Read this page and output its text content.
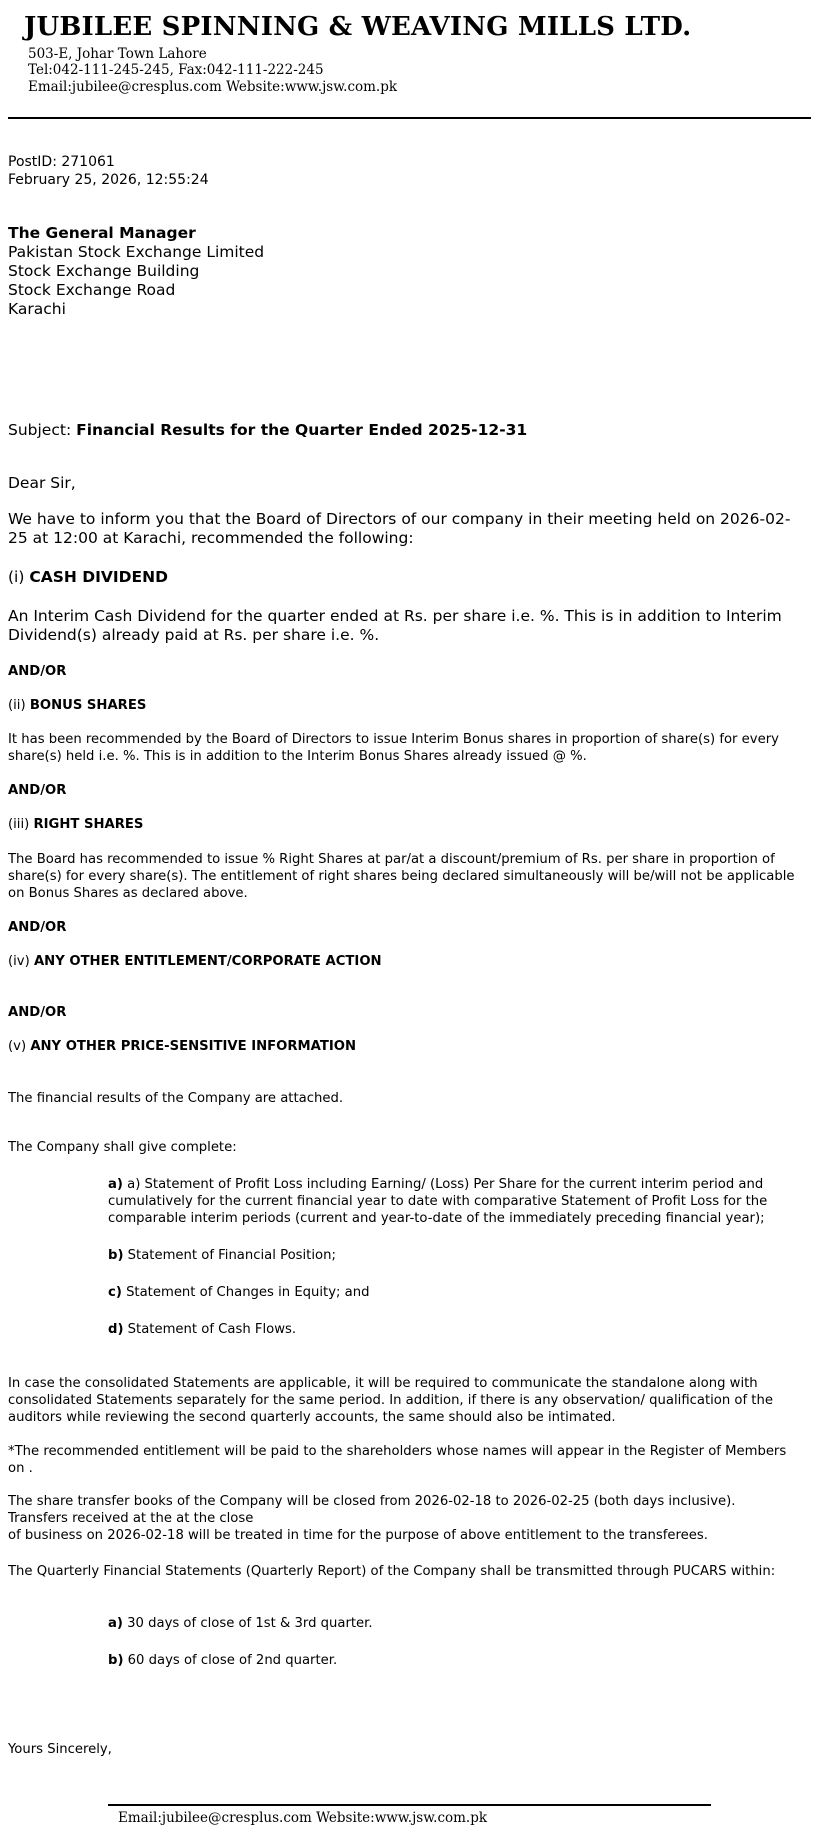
JUBILEE SPINNING & WEAVING MILLS LTD.
503-E, Johar Town Lahore
Tel:042-111-245-245, Fax:042-111-222-245
Email:jubilee@cresplus.com Website:www.jsw.com.pk
PostID: 271061
February 25, 2026, 12:55:24
The General Manager
Pakistan Stock Exchange Limited
Stock Exchange Building
Stock Exchange Road
Karachi
Subject: Financial Results for the Quarter Ended 2025-12-31
Dear Sir,
We have to inform you that the Board of Directors of our company in their meeting held on 2026-02-25 at 12:00 at Karachi, recommended the following:
(i) CASH DIVIDEND
An Interim Cash Dividend for the quarter ended at Rs. per share i.e. %. This is in addition to Interim Dividend(s) already paid at Rs. per share i.e. %.
AND/OR
(ii) BONUS SHARES
It has been recommended by the Board of Directors to issue Interim Bonus shares in proportion of share(s) for every share(s) held i.e. %. This is in addition to the Interim Bonus Shares already issued @ %.
AND/OR
(iii) RIGHT SHARES
The Board has recommended to issue % Right Shares at par/at a discount/premium of Rs. per share in proportion of share(s) for every share(s). The entitlement of right shares being declared simultaneously will be/will not be applicable on Bonus Shares as declared above.
AND/OR
(iv) ANY OTHER ENTITLEMENT/CORPORATE ACTION
AND/OR
(v) ANY OTHER PRICE-SENSITIVE INFORMATION
The financial results of the Company are attached.
The Company shall give complete:
a) a) Statement of Profit Loss including Earning/ (Loss) Per Share for the current interim period and cumulatively for the current financial year to date with comparative Statement of Profit Loss for the comparable interim periods (current and year-to-date of the immediately preceding financial year);
b) Statement of Financial Position;
c) Statement of Changes in Equity; and
d) Statement of Cash Flows.
In case the consolidated Statements are applicable, it will be required to communicate the standalone along with consolidated Statements separately for the same period. In addition, if there is any observation/ qualification of the auditors while reviewing the second quarterly accounts, the same should also be intimated.
*The recommended entitlement will be paid to the shareholders whose names will appear in the Register of Members on .
The share transfer books of the Company will be closed from 2026-02-18 to 2026-02-25 (both days inclusive).
Transfers received at the at the close
of business on 2026-02-18 will be treated in time for the purpose of above entitlement to the transferees.
The Quarterly Financial Statements (Quarterly Report) of the Company shall be transmitted through PUCARS within:
a) 30 days of close of 1st & 3rd quarter.
b) 60 days of close of 2nd quarter.
Yours Sincerely,
Email:jubilee@cresplus.com Website:www.jsw.com.pk
